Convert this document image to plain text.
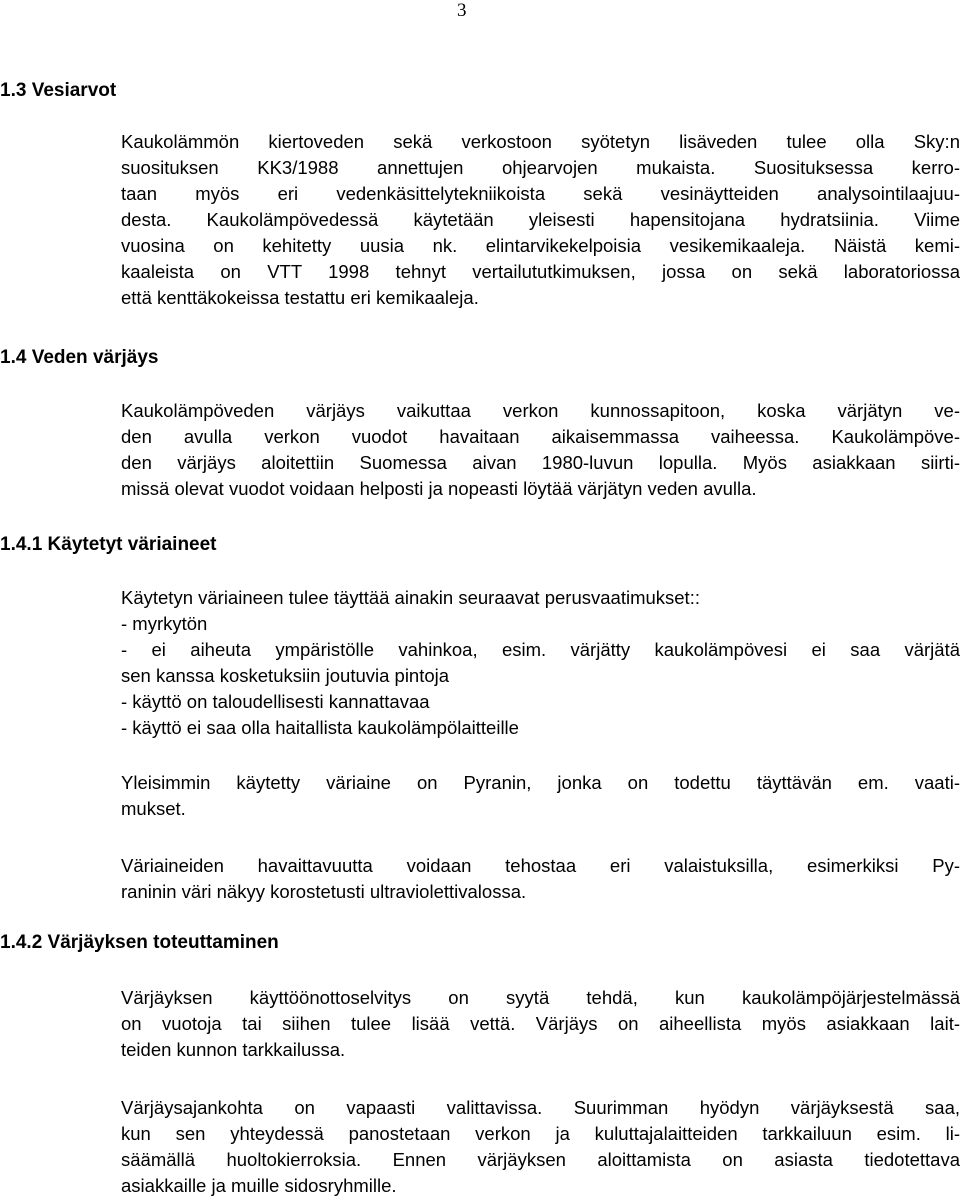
3
1.3 Vesiarvot
Kaukolämmön kiertoveden sekä verkostoon syötetyn lisäveden tulee olla Sky:n
suosituksen KK3/1988 annettujen ohjearvojen mukaista. Suosituksessa kerro-
taan myös eri vedenkäsittelytekniikoista sekä vesinäytteiden analysointilaajuu-
desta. Kaukolämpövedessä käytetään yleisesti hapensitojana hydratsiinia. Viime
vuosina on kehitetty uusia nk. elintarvikekelpoisia vesikemikaaleja. Näistä kemi-
kaaleista on VTT 1998 tehnyt vertailututkimuksen, jossa on sekä laboratoriossa
että kenttäkokeissa testattu eri kemikaaleja.
1.4 Veden värjäys
Kaukolämpöveden värjäys vaikuttaa verkon kunnossapitoon, koska värjätyn ve-
den avulla verkon vuodot havaitaan aikaisemmassa vaiheessa. Kaukolämpöve-
den värjäys aloitettiin Suomessa aivan 1980-luvun lopulla. Myös asiakkaan siirti-
missä olevat vuodot voidaan helposti ja nopeasti löytää värjätyn veden avulla.
1.4.1 Käytetyt väriaineet
Käytetyn väriaineen tulee täyttää ainakin seuraavat perusvaatimukset::
- myrkytön
- ei aiheuta ympäristölle vahinkoa, esim. värjätty kaukolämpövesi ei saa värjätä
sen kanssa kosketuksiin joutuvia pintoja
- käyttö on taloudellisesti kannattavaa
- käyttö ei saa olla haitallista kaukolämpölaitteille
Yleisimmin käytetty väriaine on Pyranin, jonka on todettu täyttävän em. vaati-
mukset.
Väriaineiden havaittavuutta voidaan tehostaa eri valaistuksilla, esimerkiksi Py-
raninin väri näkyy korostetusti ultraviolettivalossa.
1.4.2 Värjäyksen toteuttaminen
Värjäyksen käyttöönottoselvitys on syytä tehdä, kun kaukolämpöjärjestelmässä
on vuotoja tai siihen tulee lisää vettä. Värjäys on aiheellista myös asiakkaan lait-
teiden kunnon tarkkailussa.
Värjäysajankohta on vapaasti valittavissa. Suurimman hyödyn värjäyksestä saa,
kun sen yhteydessä panostetaan verkon ja kuluttajalaitteiden tarkkailuun esim. li-
säämällä huoltokierroksia. Ennen värjäyksen aloittamista on asiasta tiedotettava
asiakkaille ja muille sidosryhmille.
